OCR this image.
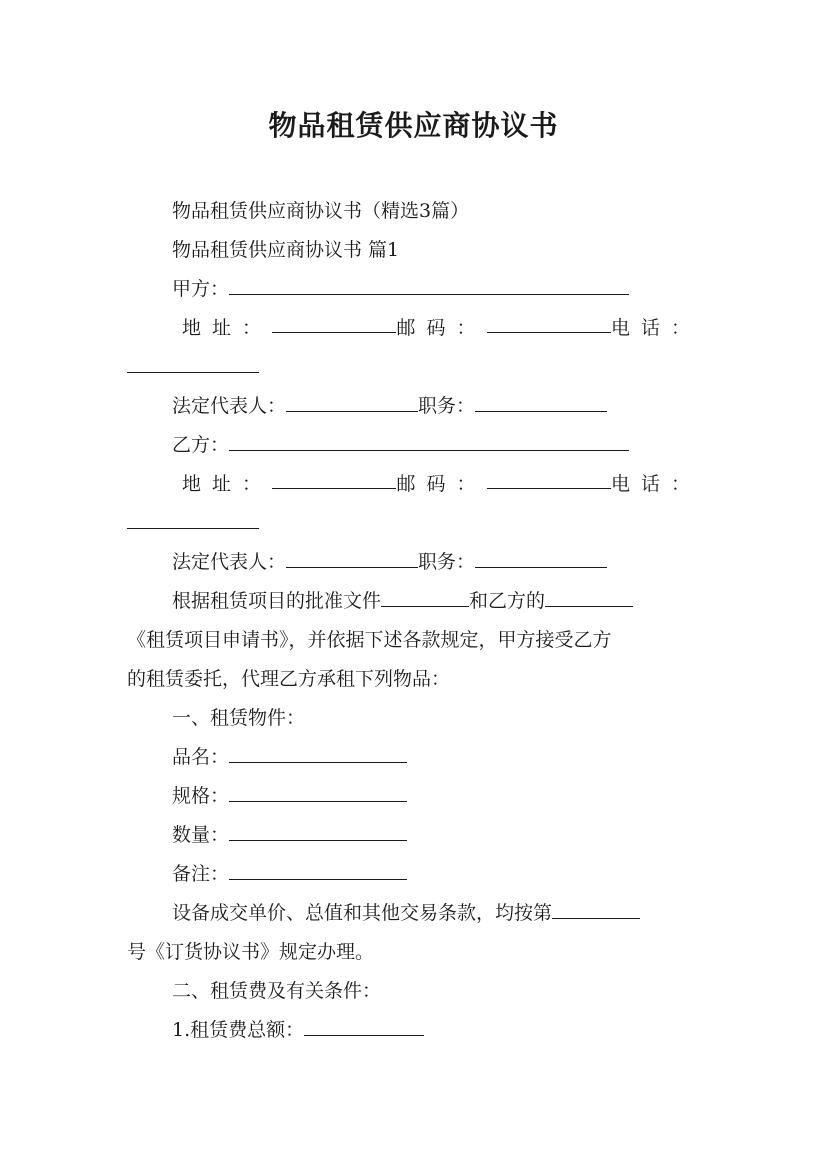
物品租赁供应商协议书
物品租赁供应商协议书（精选3篇）
物品租赁供应商协议书 篇1
甲方：
地址：	邮码：	电话：
法定代表人：	职务：
乙方：
地址：	邮码：	电话：
法定代表人：	职务：
根据租赁项目的批准文件	和乙方的
《租赁项目申请书》，并依据下述各款规定，甲方接受乙方
的租赁委托，代理乙方承租下列物品：
一、租赁物件：
品名：
规格：
数量：
备注：
设备成交单价、总值和其他交易条款，均按第
号《订货协议书》规定办理。
二、租赁费及有关条件：
1.租赁费总额：
